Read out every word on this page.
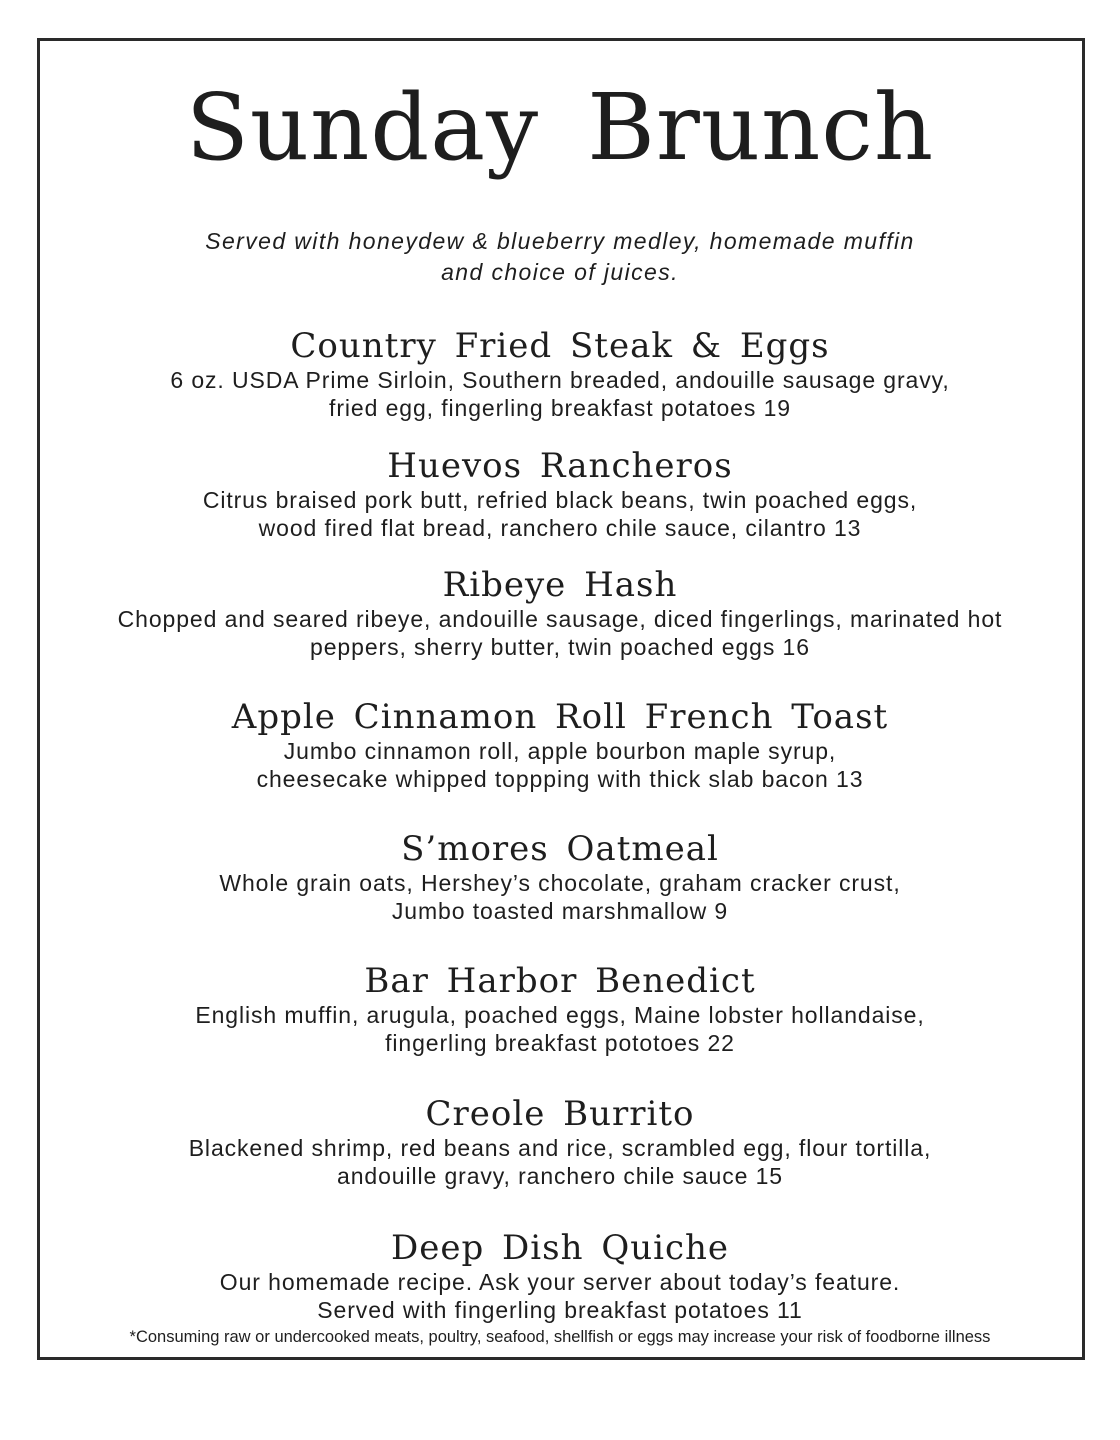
Sunday Brunch
Served with honeydew & blueberry medley, homemade muffin
and choice of juices.
Country Fried Steak & Eggs
6 oz. USDA Prime Sirloin, Southern breaded, andouille sausage gravy,
fried egg, fingerling breakfast potatoes 19
Huevos Rancheros
Citrus braised pork butt, refried black beans, twin poached eggs,
wood fired flat bread, ranchero chile sauce, cilantro 13
Ribeye Hash
Chopped and seared ribeye, andouille sausage, diced fingerlings, marinated hot
peppers, sherry butter, twin poached eggs 16
Apple Cinnamon Roll French Toast
Jumbo cinnamon roll, apple bourbon maple syrup,
cheesecake whipped toppping with thick slab bacon 13
S’mores Oatmeal
Whole grain oats, Hershey’s chocolate, graham cracker crust,
Jumbo toasted marshmallow 9
Bar Harbor Benedict
English muffin, arugula, poached eggs, Maine lobster hollandaise,
fingerling breakfast pototoes 22
Creole Burrito
Blackened shrimp, red beans and rice, scrambled egg, flour tortilla,
andouille gravy, ranchero chile sauce 15
Deep Dish Quiche
Our homemade recipe. Ask your server about today’s feature.
Served with fingerling breakfast potatoes 11
*Consuming raw or undercooked meats, poultry, seafood, shellfish or eggs may increase your risk of foodborne illness
